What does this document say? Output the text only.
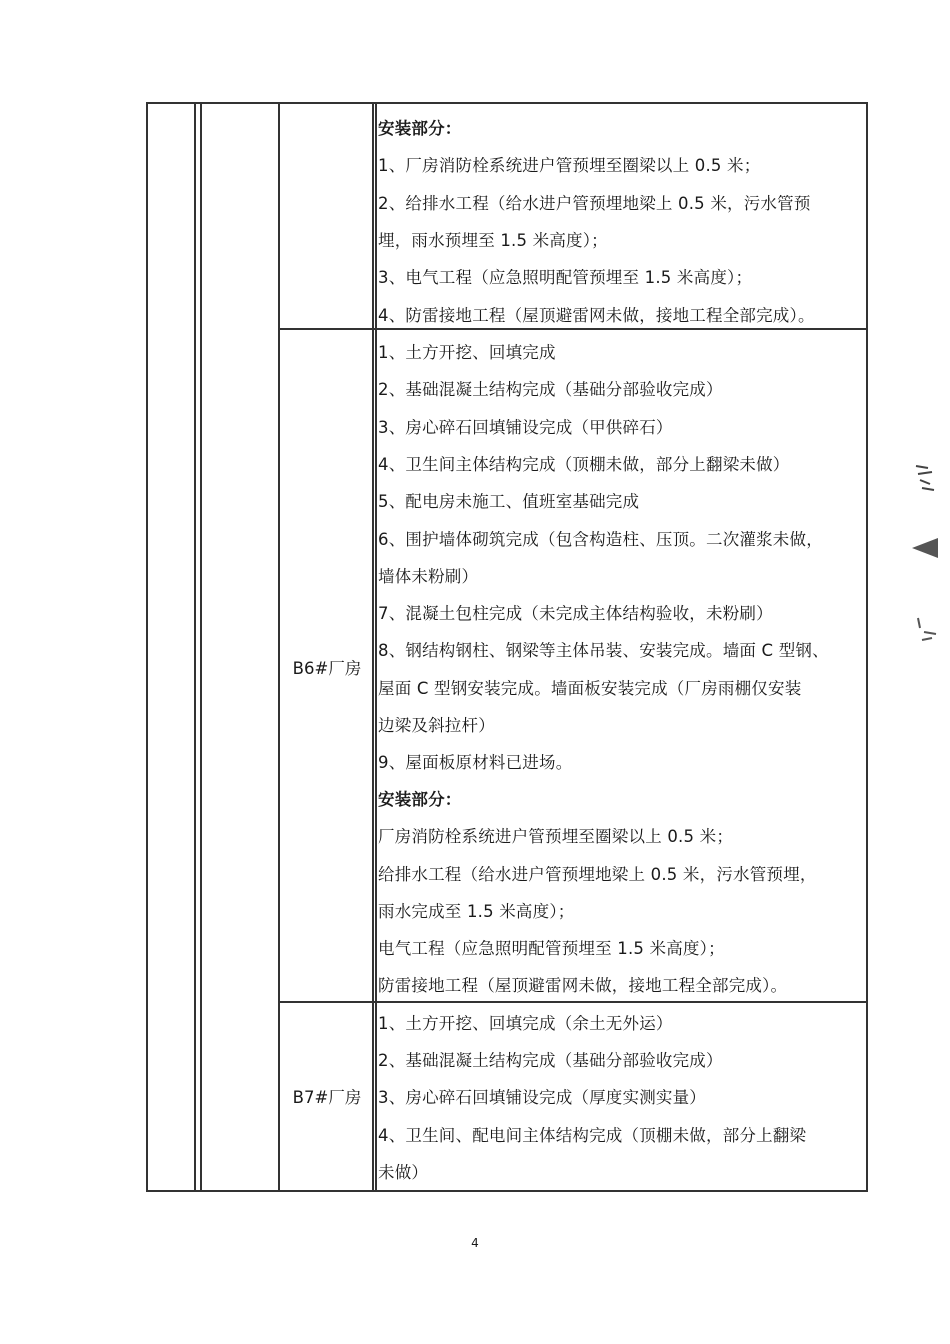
安装部分：
1、厂房消防栓系统进户管预埋至圈梁以上 0.5 米；
2、给排水工程（给水进户管预埋地梁上 0.5 米，污水管预
埋，雨水预埋至 1.5 米高度）；
3、电气工程（应急照明配管预埋至 1.5 米高度）；
4、防雷接地工程（屋顶避雷网未做，接地工程全部完成）。
B6#厂房
1、土方开挖、回填完成
2、基础混凝土结构完成（基础分部验收完成）
3、房心碎石回填铺设完成（甲供碎石）
4、卫生间主体结构完成（顶棚未做，部分上翻梁未做）
5、配电房未施工、值班室基础完成
6、围护墙体砌筑完成（包含构造柱、压顶。二次灌浆未做，
墙体未粉刷）
7、混凝土包柱完成（未完成主体结构验收，未粉刷）
8、钢结构钢柱、钢梁等主体吊装、安装完成。墙面 C 型钢、
屋面 C 型钢安装完成。墙面板安装完成（厂房雨棚仅安装
边梁及斜拉杆）
9、屋面板原材料已进场。
安装部分：
厂房消防栓系统进户管预埋至圈梁以上 0.5 米；
给排水工程（给水进户管预埋地梁上 0.5 米，污水管预埋，
雨水完成至 1.5 米高度）；
电气工程（应急照明配管预埋至 1.5 米高度）；
防雷接地工程（屋顶避雷网未做，接地工程全部完成）。
B7#厂房
1、土方开挖、回填完成（余土无外运）
2、基础混凝土结构完成（基础分部验收完成）
3、房心碎石回填铺设完成（厚度实测实量）
4、卫生间、配电间主体结构完成（顶棚未做，部分上翻梁
未做）
4
